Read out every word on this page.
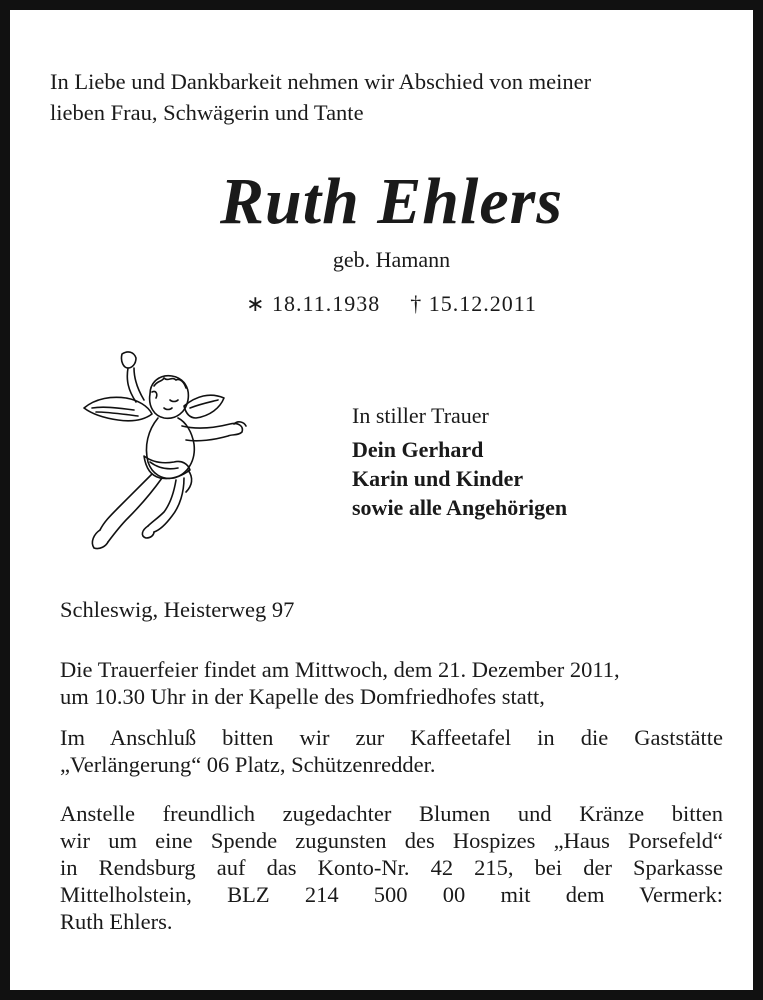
In Liebe und Dankbarkeit nehmen wir Abschied von meiner
lieben Frau, Schwägerin und Tante
Ruth Ehlers
geb. Hamann
∗ 18.11.1938 † 15.12.2011
In stiller Trauer
Dein Gerhard
Karin und Kinder
sowie alle Angehörigen
Schleswig, Heisterweg 97
Die Trauerfeier findet am Mittwoch, dem 21. Dezember 2011,
um 10.30 Uhr in der Kapelle des Domfriedhofes statt,
Im Anschluß bitten wir zur Kaffeetafel in die Gaststätte
„Verlängerung“ 06 Platz, Schützenredder.
Anstelle freundlich zugedachter Blumen und Kränze bitten
wir um eine Spende zugunsten des Hospizes „Haus Porsefeld“
in Rendsburg auf das Konto-Nr. 42 215, bei der Sparkasse
Mittelholstein, BLZ 214 500 00 mit dem Vermerk:
Ruth Ehlers.
